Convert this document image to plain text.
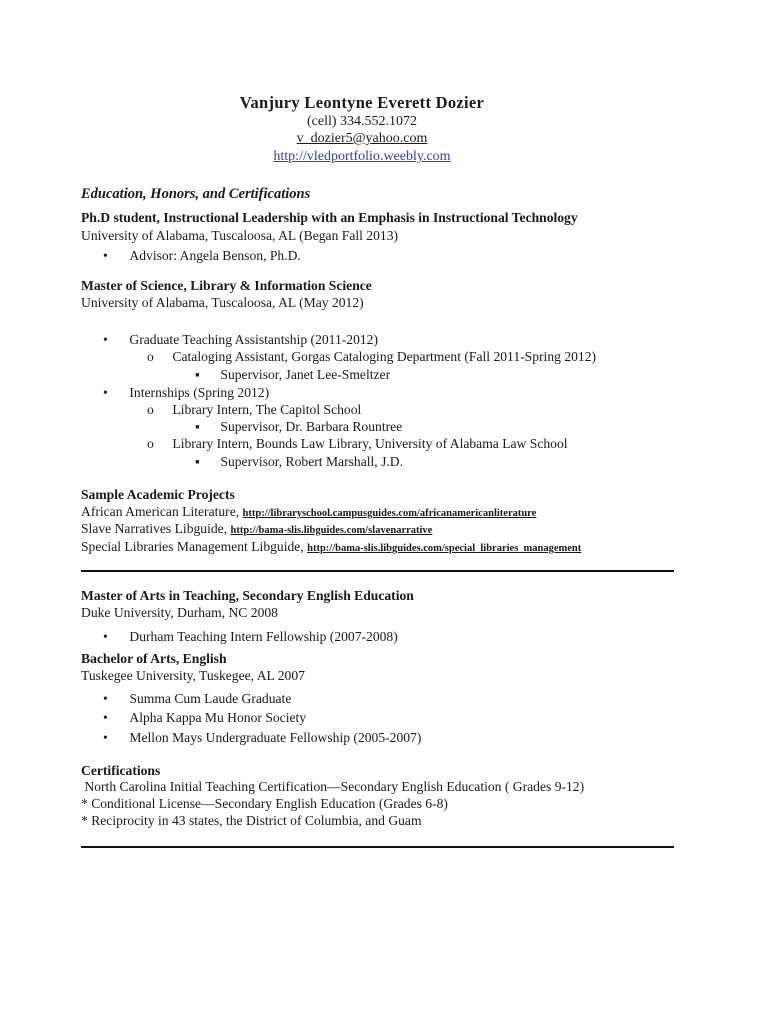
Vanjury Leontyne Everett Dozier
(cell) 334.552.1072
v_dozier5@yahoo.com
http://vledportfolio.weebly.com
Education, Honors, and Certifications
Ph.D student, Instructional Leadership with an Emphasis in Instructional Technology
University of Alabama, Tuscaloosa, AL (Began Fall 2013)
• Advisor: Angela Benson, Ph.D.
Master of Science, Library & Information Science
University of Alabama, Tuscaloosa, AL (May 2012)
• Graduate Teaching Assistantship (2011-2012)
o Cataloging Assistant, Gorgas Cataloging Department (Fall 2011-Spring 2012)
▪ Supervisor, Janet Lee-Smeltzer
• Internships (Spring 2012)
o Library Intern, The Capitol School
▪ Supervisor, Dr. Barbara Rountree
o Library Intern, Bounds Law Library, University of Alabama Law School
▪ Supervisor, Robert Marshall, J.D.
Sample Academic Projects
African American Literature, http://libraryschool.campusguides.com/africanamericanliterature
Slave Narratives Libguide, http://bama-slis.libguides.com/slavenarrative
Special Libraries Management Libguide, http://bama-slis.libguides.com/special_libraries_management
Master of Arts in Teaching, Secondary English Education
Duke University, Durham, NC 2008
• Durham Teaching Intern Fellowship (2007-2008)
Bachelor of Arts, English
Tuskegee University, Tuskegee, AL 2007
• Summa Cum Laude Graduate
• Alpha Kappa Mu Honor Society
• Mellon Mays Undergraduate Fellowship (2005-2007)
Certifications
North Carolina Initial Teaching Certification—Secondary English Education ( Grades 9-12)
* Conditional License—Secondary English Education (Grades 6-8)
* Reciprocity in 43 states, the District of Columbia, and Guam
